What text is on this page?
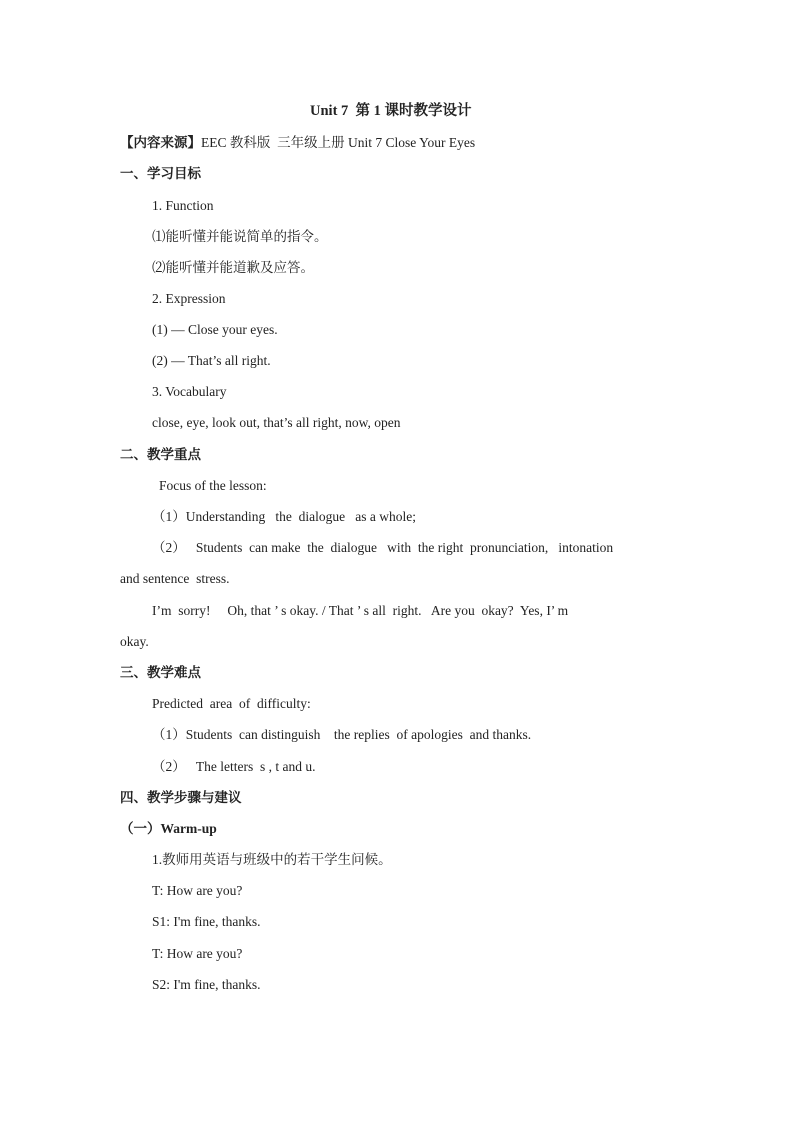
Unit 7  第 1 课时教学设计
【内容来源】EEC 教科版  三年级上册 Unit 7 Close Your Eyes
一、学习目标
1. Function
⑴能听懂并能说简单的指令。
⑵能听懂并能道歉及应答。
2. Expression
(1) — Close your eyes.
(2) — That’s all right.
3. Vocabulary
close, eye, look out, that’s all right, now, open
二、教学重点
Focus of the lesson:
（1）Understanding   the  dialogue   as a whole;
（2）   Students  can make  the  dialogue   with  the right  pronunciation,   intonation
and sentence  stress.
I’m  sorry!     Oh, that ’ s okay. / That ’ s all  right.   Are you  okay?  Yes, I’ m
okay.
三、教学难点
Predicted  area  of  difficulty:
（1）Students  can distinguish    the replies  of apologies  and thanks.
（2）   The letters  s , t and u.
四、教学步骤与建议
（一）Warm-up
1.教师用英语与班级中的若干学生问候。
T: How are you?
S1: I'm fine, thanks.
T: How are you?
S2: I'm fine, thanks.
